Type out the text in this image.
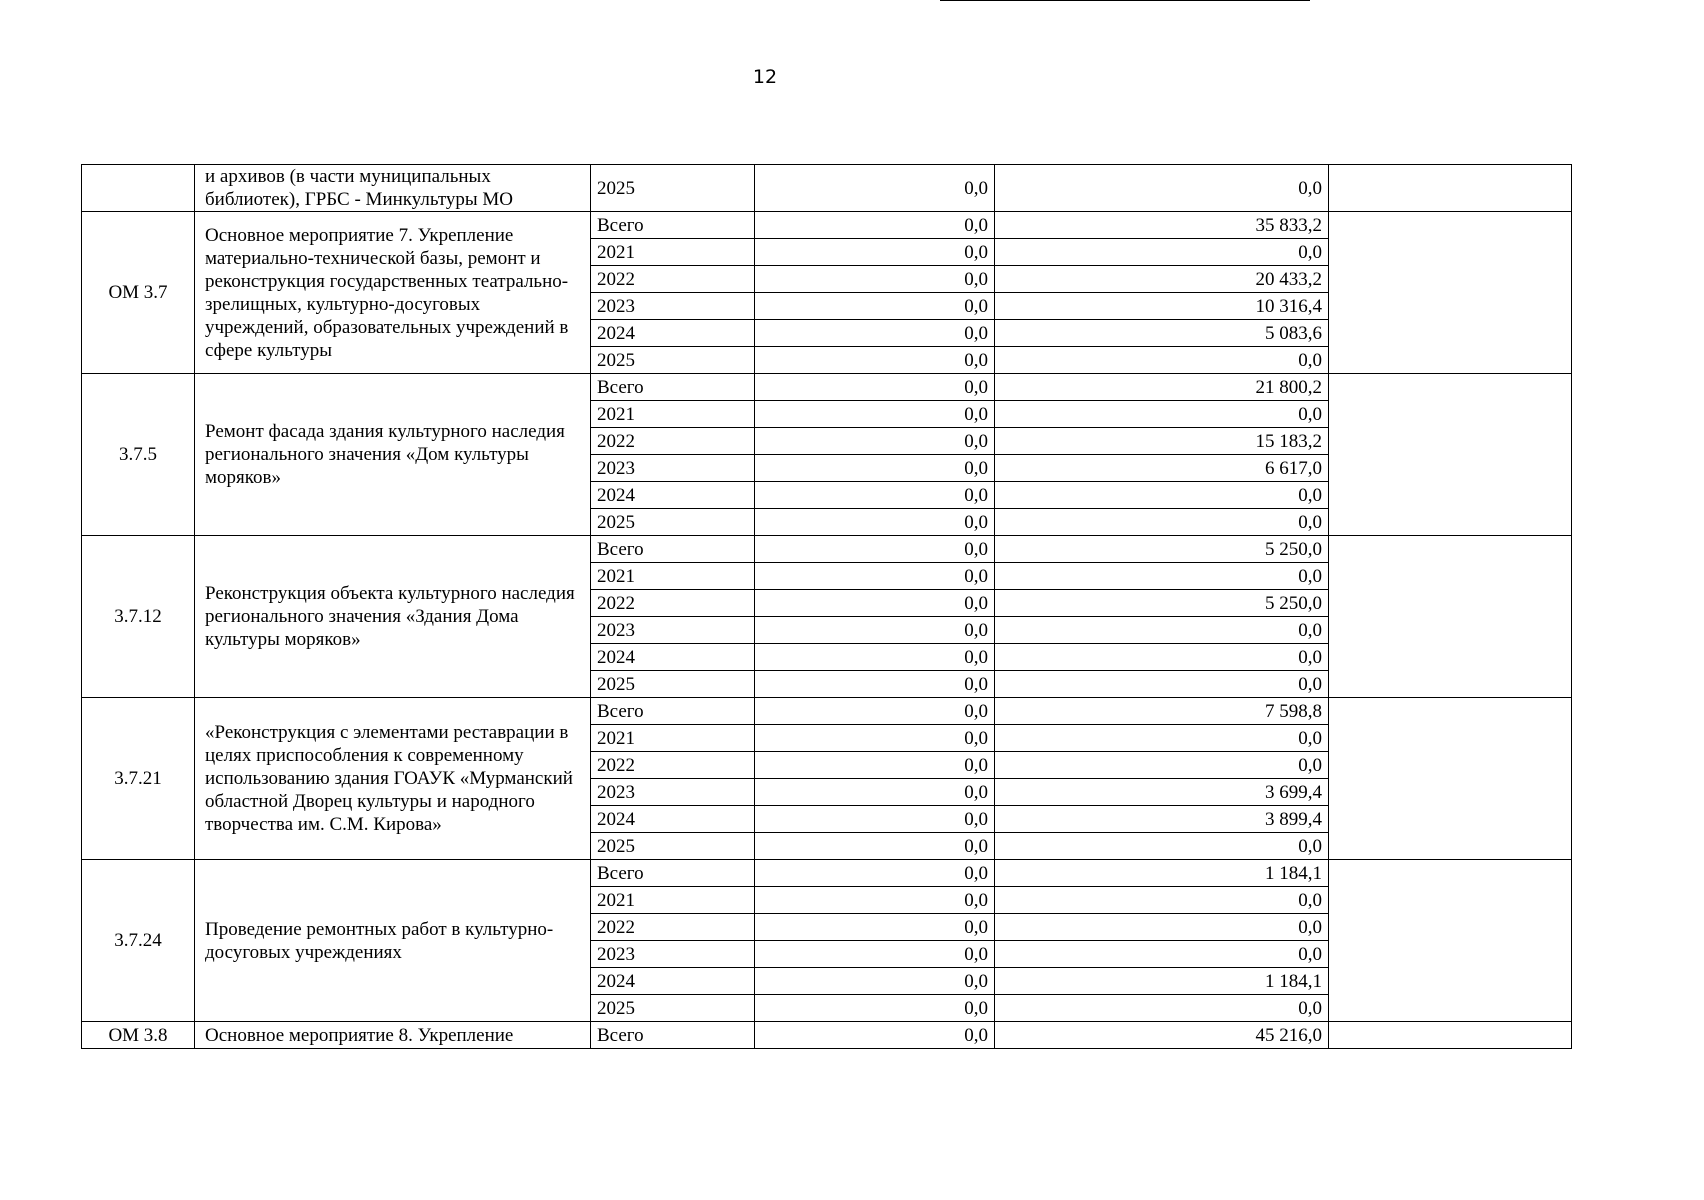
12
	и архивов (в части муниципальных библиотек), ГРБС - Минкультуры МО	2025	0,0	0,0	
ОМ 3.7	Основное мероприятие 7. Укрепление материально-технической базы, ремонт и реконструкция государственных театрально-зрелищных, культурно-досуговых учреждений, образовательных учреждений в сфере культуры	Всего	0,0	35 833,2	
		2021	0,0	0,0	
		2022	0,0	20 433,2	
		2023	0,0	10 316,4	
		2024	0,0	5 083,6	
		2025	0,0	0,0	
3.7.5	Ремонт фасада здания культурного наследия регионального значения «Дом культуры моряков»	Всего	0,0	21 800,2	
		2021	0,0	0,0	
		2022	0,0	15 183,2	
		2023	0,0	6 617,0	
		2024	0,0	0,0	
		2025	0,0	0,0	
3.7.12	Реконструкция объекта культурного наследия регионального значения «Здания Дома культуры моряков»	Всего	0,0	5 250,0	
		2021	0,0	0,0	
		2022	0,0	5 250,0	
		2023	0,0	0,0	
		2024	0,0	0,0	
		2025	0,0	0,0	
3.7.21	«Реконструкция с элементами реставрации в целях приспособления к современному использованию здания ГОАУК «Мурманский областной Дворец культуры и народного творчества им. С.М. Кирова»	Всего	0,0	7 598,8	
		2021	0,0	0,0	
		2022	0,0	0,0	
		2023	0,0	3 699,4	
		2024	0,0	3 899,4	
		2025	0,0	0,0	
3.7.24	Проведение ремонтных работ в культурно-досуговых учреждениях	Всего	0,0	1 184,1	
		2021	0,0	0,0	
		2022	0,0	0,0	
		2023	0,0	0,0	
		2024	0,0	1 184,1	
		2025	0,0	0,0	
ОМ 3.8	Основное мероприятие 8. Укрепление	Всего	0,0	45 216,0	
